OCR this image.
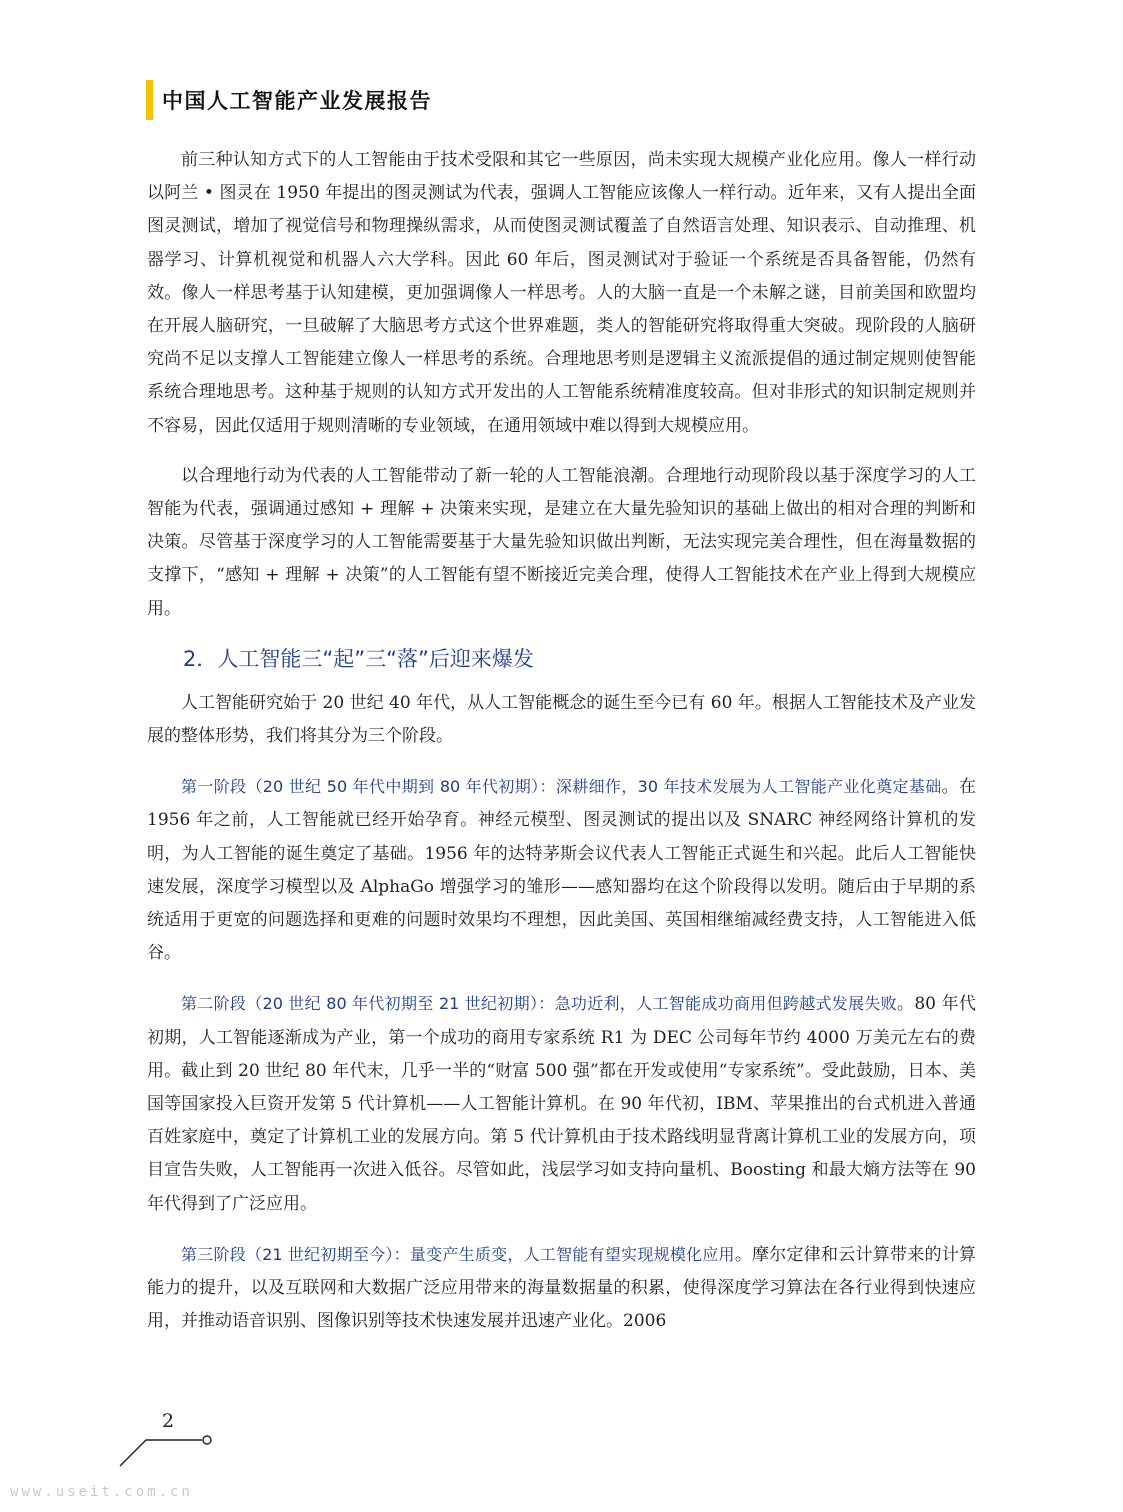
中国人工智能产业发展报告

前三种认知方式下的人工智能由于技术受限和其它一些原因，尚未实现大规模产业化应用。像人一样行动以阿兰 • 图灵在 1950 年提出的图灵测试为代表，强调人工智能应该像人一样行动。近年来，又有人提出全面图灵测试，增加了视觉信号和物理操纵需求，从而使图灵测试覆盖了自然语言处理、知识表示、自动推理、机器学习、计算机视觉和机器人六大学科。因此 60 年后，图灵测试对于验证一个系统是否具备智能，仍然有效。像人一样思考基于认知建模，更加强调像人一样思考。人的大脑一直是一个未解之谜，目前美国和欧盟均在开展人脑研究，一旦破解了大脑思考方式这个世界难题，类人的智能研究将取得重大突破。现阶段的人脑研究尚不足以支撑人工智能建立像人一样思考的系统。合理地思考则是逻辑主义流派提倡的通过制定规则使智能系统合理地思考。这种基于规则的认知方式开发出的人工智能系统精准度较高。但对非形式的知识制定规则并不容易，因此仅适用于规则清晰的专业领域，在通用领域中难以得到大规模应用。

以合理地行动为代表的人工智能带动了新一轮的人工智能浪潮。合理地行动现阶段以基于深度学习的人工智能为代表，强调通过感知 + 理解 + 决策来实现，是建立在大量先验知识的基础上做出的相对合理的判断和决策。尽管基于深度学习的人工智能需要基于大量先验知识做出判断，无法实现完美合理性，但在海量数据的支撑下，“感知 + 理解 + 决策”的人工智能有望不断接近完美合理，使得人工智能技术在产业上得到大规模应用。

2．人工智能三“起”三“落”后迎来爆发

人工智能研究始于 20 世纪 40 年代，从人工智能概念的诞生至今已有 60 年。根据人工智能技术及产业发展的整体形势，我们将其分为三个阶段。

第一阶段（20 世纪 50 年代中期到 80 年代初期）：深耕细作，30 年技术发展为人工智能产业化奠定基础。在 1956 年之前，人工智能就已经开始孕育。神经元模型、图灵测试的提出以及 SNARC 神经网络计算机的发明，为人工智能的诞生奠定了基础。1956 年的达特茅斯会议代表人工智能正式诞生和兴起。此后人工智能快速发展，深度学习模型以及 AlphaGo 增强学习的雏形——感知器均在这个阶段得以发明。随后由于早期的系统适用于更宽的问题选择和更难的问题时效果均不理想，因此美国、英国相继缩减经费支持，人工智能进入低谷。

第二阶段（20 世纪 80 年代初期至 21 世纪初期）：急功近利，人工智能成功商用但跨越式发展失败。80 年代初期，人工智能逐渐成为产业，第一个成功的商用专家系统 R1 为 DEC 公司每年节约 4000 万美元左右的费用。截止到 20 世纪 80 年代末，几乎一半的“财富 500 强”都在开发或使用“专家系统”。受此鼓励，日本、美国等国家投入巨资开发第 5 代计算机——人工智能计算机。在 90 年代初，IBM、苹果推出的台式机进入普通百姓家庭中，奠定了计算机工业的发展方向。第 5 代计算机由于技术路线明显背离计算机工业的发展方向，项目宣告失败，人工智能再一次进入低谷。尽管如此，浅层学习如支持向量机、Boosting 和最大熵方法等在 90 年代得到了广泛应用。

第三阶段（21 世纪初期至今）：量变产生质变，人工智能有望实现规模化应用。摩尔定律和云计算带来的计算能力的提升，以及互联网和大数据广泛应用带来的海量数据量的积累，使得深度学习算法在各行业得到快速应用，并推动语音识别、图像识别等技术快速发展并迅速产业化。2006

2
www.useit.com.cn
